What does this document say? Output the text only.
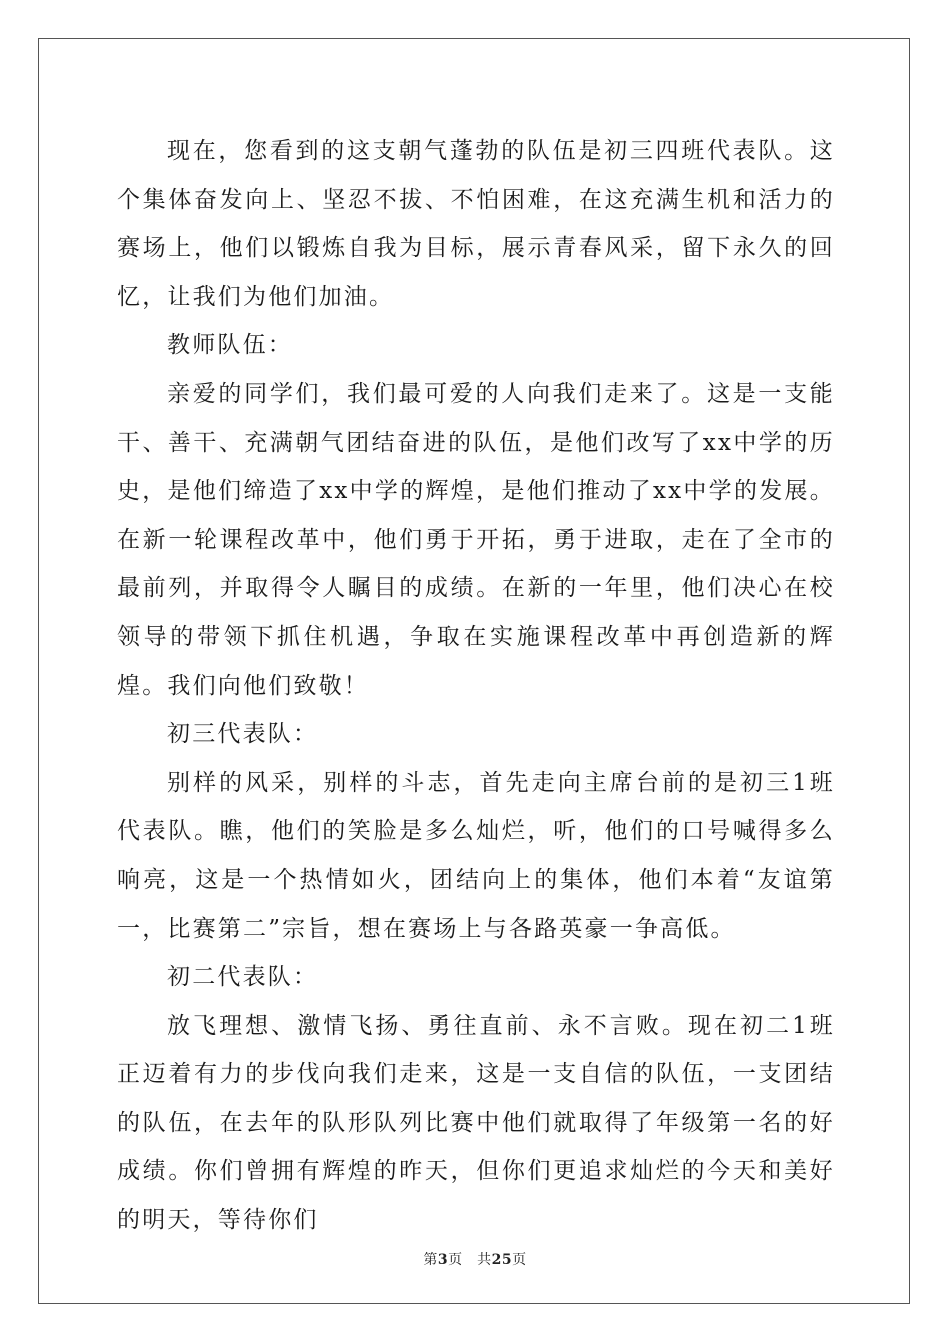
现在，您看到的这支朝气蓬勃的队伍是初三四班代表队。这个集体奋发向上、坚忍不拔、不怕困难，在这充满生机和活力的赛场上，他们以锻炼自我为目标，展示青春风采，留下永久的回忆，让我们为他们加油。

教师队伍：

亲爱的同学们，我们最可爱的人向我们走来了。这是一支能干、善干、充满朝气团结奋进的队伍，是他们改写了xx中学的历史，是他们缔造了xx中学的辉煌，是他们推动了xx中学的发展。在新一轮课程改革中，他们勇于开拓，勇于进取，走在了全市的最前列，并取得令人瞩目的成绩。在新的一年里，他们决心在校领导的带领下抓住机遇，争取在实施课程改革中再创造新的辉煌。我们向他们致敬！

初三代表队：

别样的风采，别样的斗志，首先走向主席台前的是初三1班代表队。瞧，他们的笑脸是多么灿烂，听，他们的口号喊得多么响亮，这是一个热情如火，团结向上的集体，他们本着“友谊第一，比赛第二”宗旨，想在赛场上与各路英豪一争高低。

初二代表队：

放飞理想、激情飞扬、勇往直前、永不言败。现在初二1班正迈着有力的步伐向我们走来，这是一支自信的队伍，一支团结的队伍，在去年的队形队列比赛中他们就取得了年级第一名的好成绩。你们曾拥有辉煌的昨天，但你们更追求灿烂的今天和美好的明天，等待你们

第3页　共25页
